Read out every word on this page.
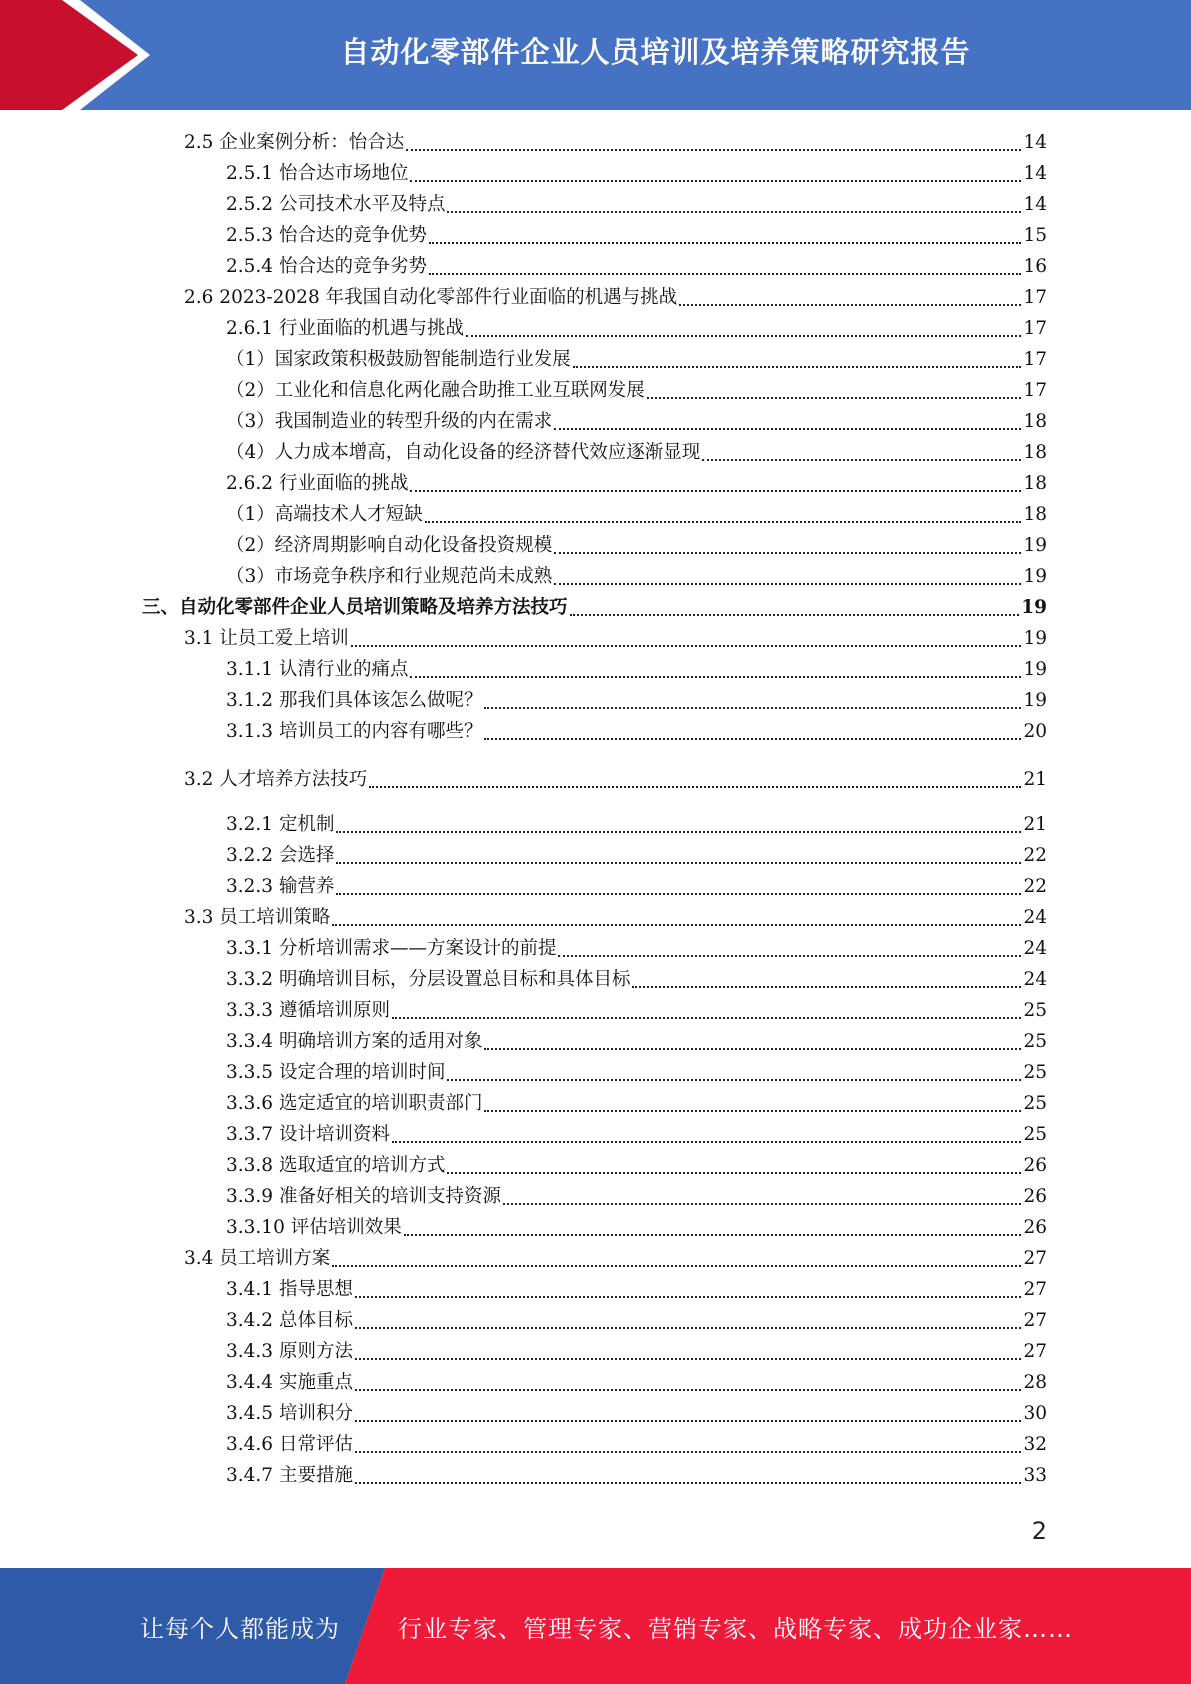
自动化零部件企业人员培训及培养策略研究报告
2.5 企业案例分析：怡合达	14
2.5.1 怡合达市场地位	14
2.5.2 公司技术水平及特点	14
2.5.3 怡合达的竞争优势	15
2.5.4 怡合达的竞争劣势	16
2.6 2023-2028 年我国自动化零部件行业面临的机遇与挑战	17
2.6.1 行业面临的机遇与挑战	17
（1）国家政策积极鼓励智能制造行业发展	17
（2）工业化和信息化两化融合助推工业互联网发展	17
（3）我国制造业的转型升级的内在需求	18
（4）人力成本增高，自动化设备的经济替代效应逐渐显现	18
2.6.2 行业面临的挑战	18
（1）高端技术人才短缺	18
（2）经济周期影响自动化设备投资规模	19
（3）市场竞争秩序和行业规范尚未成熟	19
三、自动化零部件企业人员培训策略及培养方法技巧	19
3.1 让员工爱上培训	19
3.1.1 认清行业的痛点	19
3.1.2 那我们具体该怎么做呢？	19
3.1.3 培训员工的内容有哪些？	20
3.2 人才培养方法技巧	21
3.2.1 定机制	21
3.2.2 会选择	22
3.2.3 输营养	22
3.3 员工培训策略	24
3.3.1 分析培训需求——方案设计的前提	24
3.3.2 明确培训目标，分层设置总目标和具体目标	24
3.3.3 遵循培训原则	25
3.3.4 明确培训方案的适用对象	25
3.3.5 设定合理的培训时间	25
3.3.6 选定适宜的培训职责部门	25
3.3.7 设计培训资料	25
3.3.8 选取适宜的培训方式	26
3.3.9 准备好相关的培训支持资源	26
3.3.10 评估培训效果	26
3.4 员工培训方案	27
3.4.1 指导思想	27
3.4.2 总体目标	27
3.4.3 原则方法	27
3.4.4 实施重点	28
3.4.5 培训积分	30
3.4.6 日常评估	32
3.4.7 主要措施	33
2
让每个人都能成为 行业专家、管理专家、营销专家、战略专家、成功企业家……
